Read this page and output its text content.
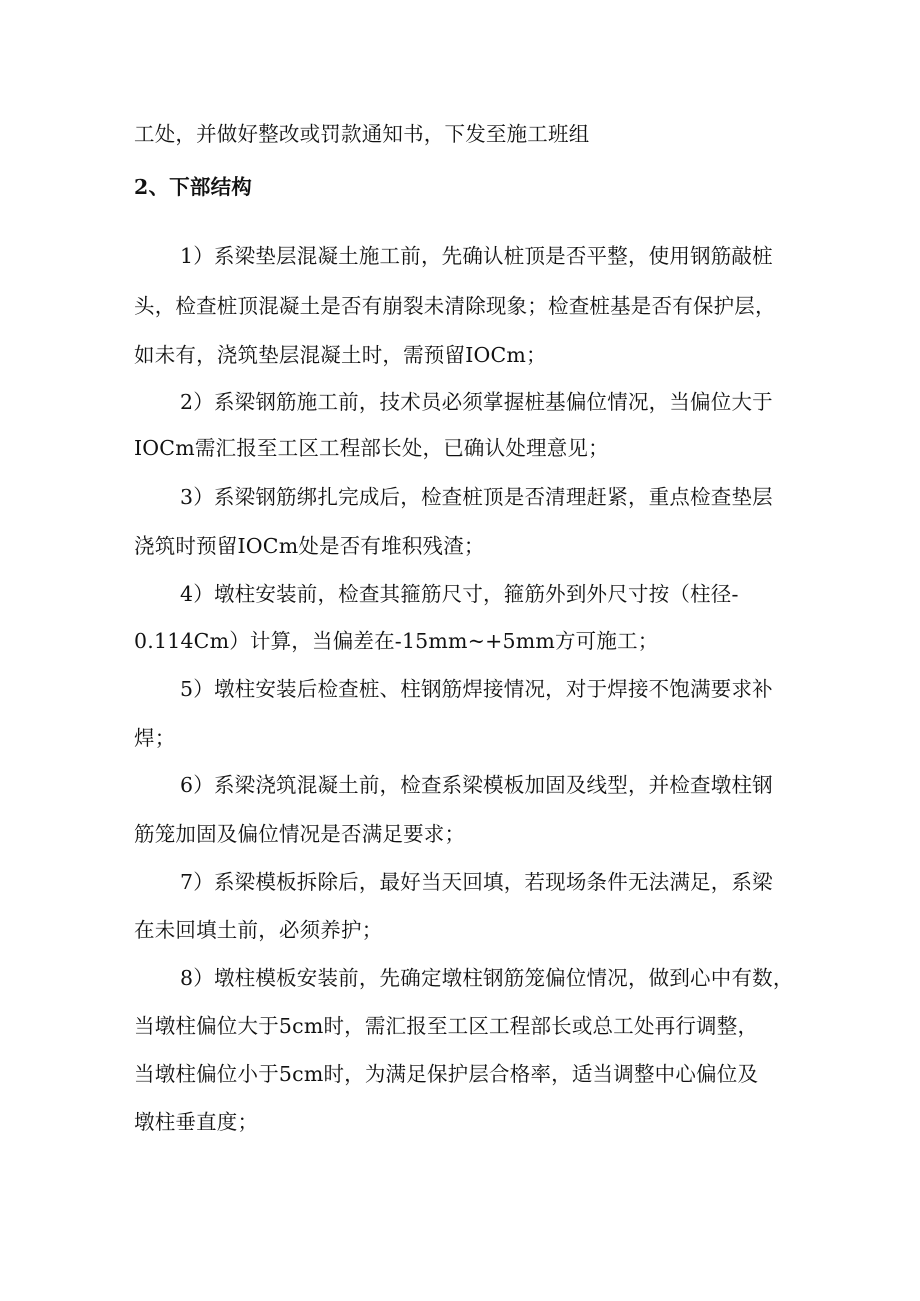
工处，并做好整改或罚款通知书，下发至施工班组
2、下部结构
1）系梁垫层混凝土施工前，先确认桩顶是否平整，使用钢筋敲桩
头，检查桩顶混凝土是否有崩裂未清除现象；检查桩基是否有保护层，
如未有，浇筑垫层混凝土时，需预留IOCm；
2）系梁钢筋施工前，技术员必须掌握桩基偏位情况，当偏位大于
IOCm需汇报至工区工程部长处，已确认处理意见；
3）系梁钢筋绑扎完成后，检查桩顶是否清理赶紧，重点检查垫层
浇筑时预留IOCm处是否有堆积残渣；
4）墩柱安装前，检查其箍筋尺寸，箍筋外到外尺寸按（柱径-
0.114Cm）计算，当偏差在-15mm~+5mm方可施工；
5）墩柱安装后检查桩、柱钢筋焊接情况，对于焊接不饱满要求补
焊；
6）系梁浇筑混凝土前，检查系梁模板加固及线型，并检查墩柱钢
筋笼加固及偏位情况是否满足要求；
7）系梁模板拆除后，最好当天回填，若现场条件无法满足，系梁
在未回填土前，必须养护；
8）墩柱模板安装前，先确定墩柱钢筋笼偏位情况，做到心中有数，
当墩柱偏位大于5cm时，需汇报至工区工程部长或总工处再行调整，
当墩柱偏位小于5cm时，为满足保护层合格率，适当调整中心偏位及
墩柱垂直度；
